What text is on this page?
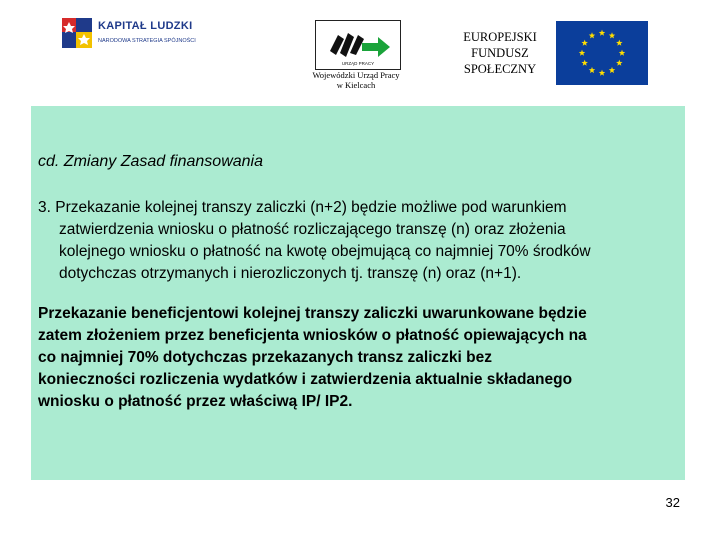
KAPITAŁ LUDZKI
NARODOWA STRATEGIA SPÓJNOŚCI
URZĄD PRACY
Wojewódzki Urząd Pracy
w Kielcach
EUROPEJSKI
FUNDUSZ
SPOŁECZNY
cd. Zmiany Zasad finansowania
3. Przekazanie kolejnej transzy zaliczki (n+2) będzie możliwe pod warunkiem
zatwierdzenia wniosku o płatność rozliczającego transzę (n) oraz złożenia
kolejnego wniosku o płatność na kwotę obejmującą co najmniej 70% środków
dotychczas otrzymanych i nierozliczonych tj. transzę (n) oraz (n+1).
Przekazanie beneficjentowi kolejnej transzy zaliczki uwarunkowane będzie
zatem złożeniem przez beneficjenta wniosków o płatność opiewających na
co najmniej 70% dotychczas przekazanych transz zaliczki bez
konieczności rozliczenia wydatków i zatwierdzenia aktualnie składanego
wniosku o płatność przez właściwą IP/ IP2.
32
